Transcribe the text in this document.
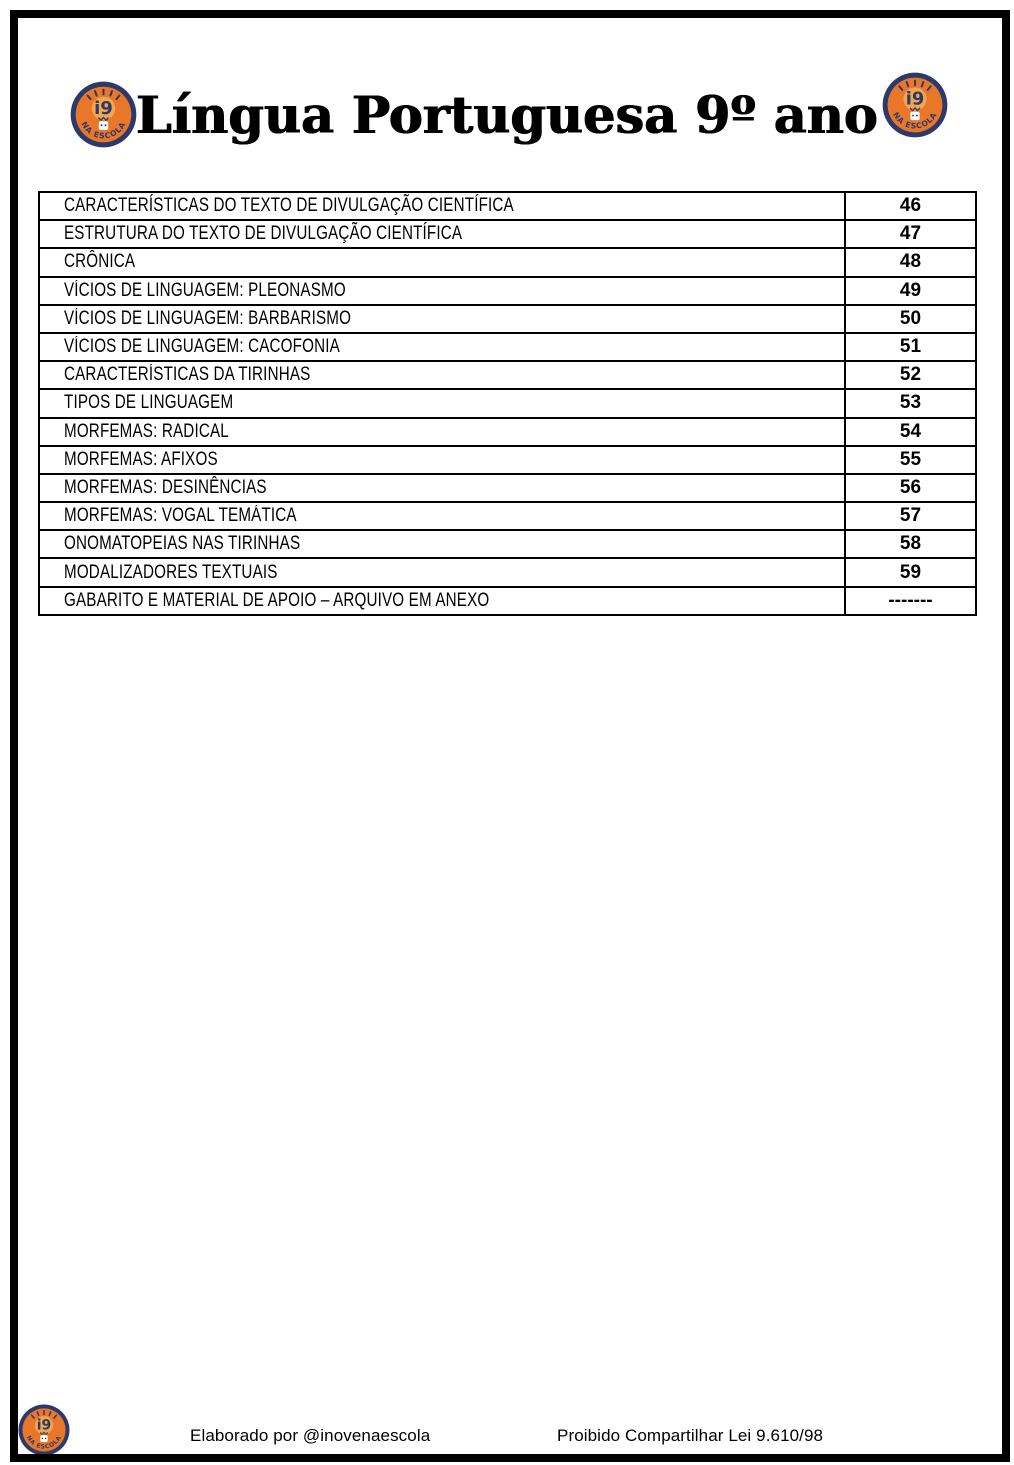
i9
NA ESCOLA Língua Portuguesa 9º ano	i9
NA ESCOLA
CARACTERÍSTICAS DO TEXTO DE DIVULGAÇÃO CIENTÍFICA	46
ESTRUTURA DO TEXTO DE DIVULGAÇÃO CIENTÍFICA	47
CRÔNICA	48
VÍCIOS DE LINGUAGEM: PLEONASMO	49
VÍCIOS DE LINGUAGEM: BARBARISMO	50
VÍCIOS DE LINGUAGEM: CACOFONIA	51
CARACTERÍSTICAS DA TIRINHAS	52
TIPOS DE LINGUAGEM	53
MORFEMAS: RADICAL	54
MORFEMAS: AFIXOS	55
MORFEMAS: DESINÊNCIAS	56
MORFEMAS: VOGAL TEMÁTICA	57
ONOMATOPEIAS NAS TIRINHAS	58
MODALIZADORES TEXTUAIS	59
GABARITO E MATERIAL DE APOIO – ARQUIVO EM ANEXO	-------
i9
NA ESCOLA	Elaborado por @inovenaescola	Proibido Compartilhar Lei 9.610/98
